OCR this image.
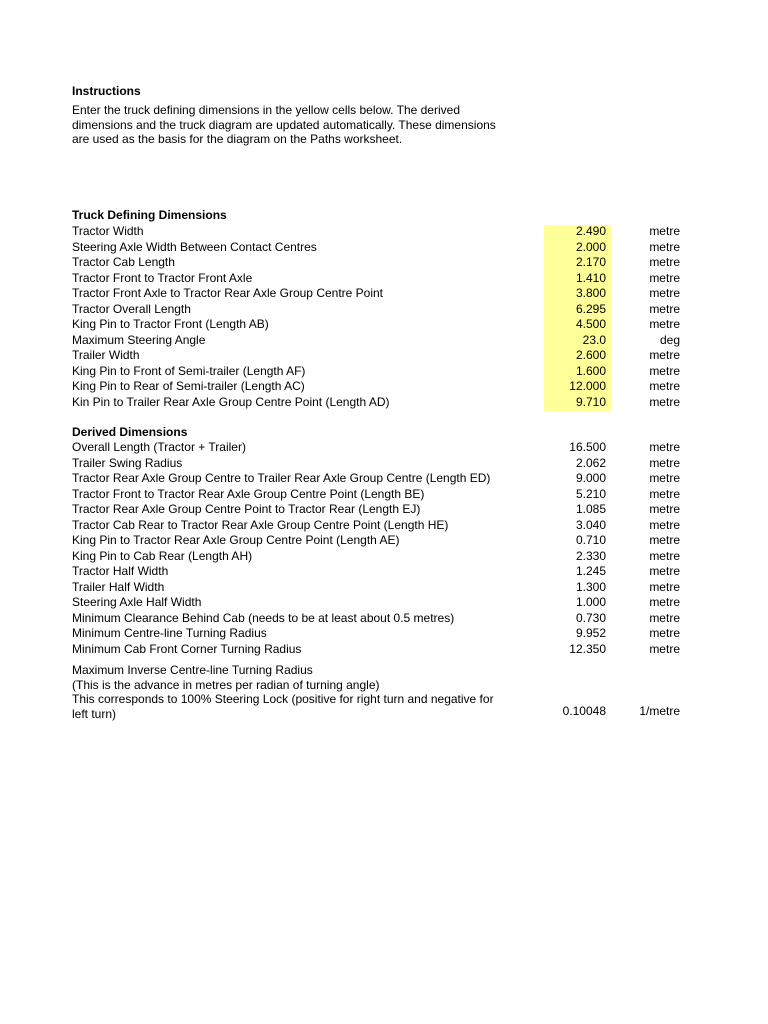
Instructions
Enter the truck defining dimensions in the yellow cells below. The derived
dimensions and the truck diagram are updated automatically. These dimensions
are used as the basis for the diagram on the Paths worksheet.
Truck Defining Dimensions
Tractor Width	2.490	metre
Steering Axle Width Between Contact Centres	2.000	metre
Tractor Cab Length	2.170	metre
Tractor Front to Tractor Front Axle	1.410	metre
Tractor Front Axle to Tractor Rear Axle Group Centre Point	3.800	metre
Tractor Overall Length	6.295	metre
King Pin to Tractor Front (Length AB)	4.500	metre
Maximum Steering Angle	23.0	deg
Trailer Width	2.600	metre
King Pin to Front of Semi-trailer (Length AF)	1.600	metre
King Pin to Rear of Semi-trailer (Length AC)	12.000	metre
Kin Pin to Trailer Rear Axle Group Centre Point (Length AD)	9.710	metre
Derived Dimensions
Overall Length (Tractor + Trailer)	16.500	metre
Trailer Swing Radius	2.062	metre
Tractor Rear Axle Group Centre to Trailer Rear Axle Group Centre (Length ED)	9.000	metre
Tractor Front to Tractor Rear Axle Group Centre Point (Length BE)	5.210	metre
Tractor Rear Axle Group Centre Point to Tractor Rear (Length EJ)	1.085	metre
Tractor Cab Rear to Tractor Rear Axle Group Centre Point (Length HE)	3.040	metre
King Pin to Tractor Rear Axle Group Centre Point (Length AE)	0.710	metre
King Pin to Cab Rear (Length AH)	2.330	metre
Tractor Half Width	1.245	metre
Trailer Half Width	1.300	metre
Steering Axle Half Width	1.000	metre
Minimum Clearance Behind Cab (needs to be at least about 0.5 metres)	0.730	metre
Minimum Centre-line Turning Radius	9.952	metre
Minimum Cab Front Corner Turning Radius	12.350	metre
Maximum Inverse Centre-line Turning Radius
(This is the advance in metres per radian of turning angle)
This corresponds to 100% Steering Lock (positive for right turn and negative for
left turn)	0.10048	1/metre
